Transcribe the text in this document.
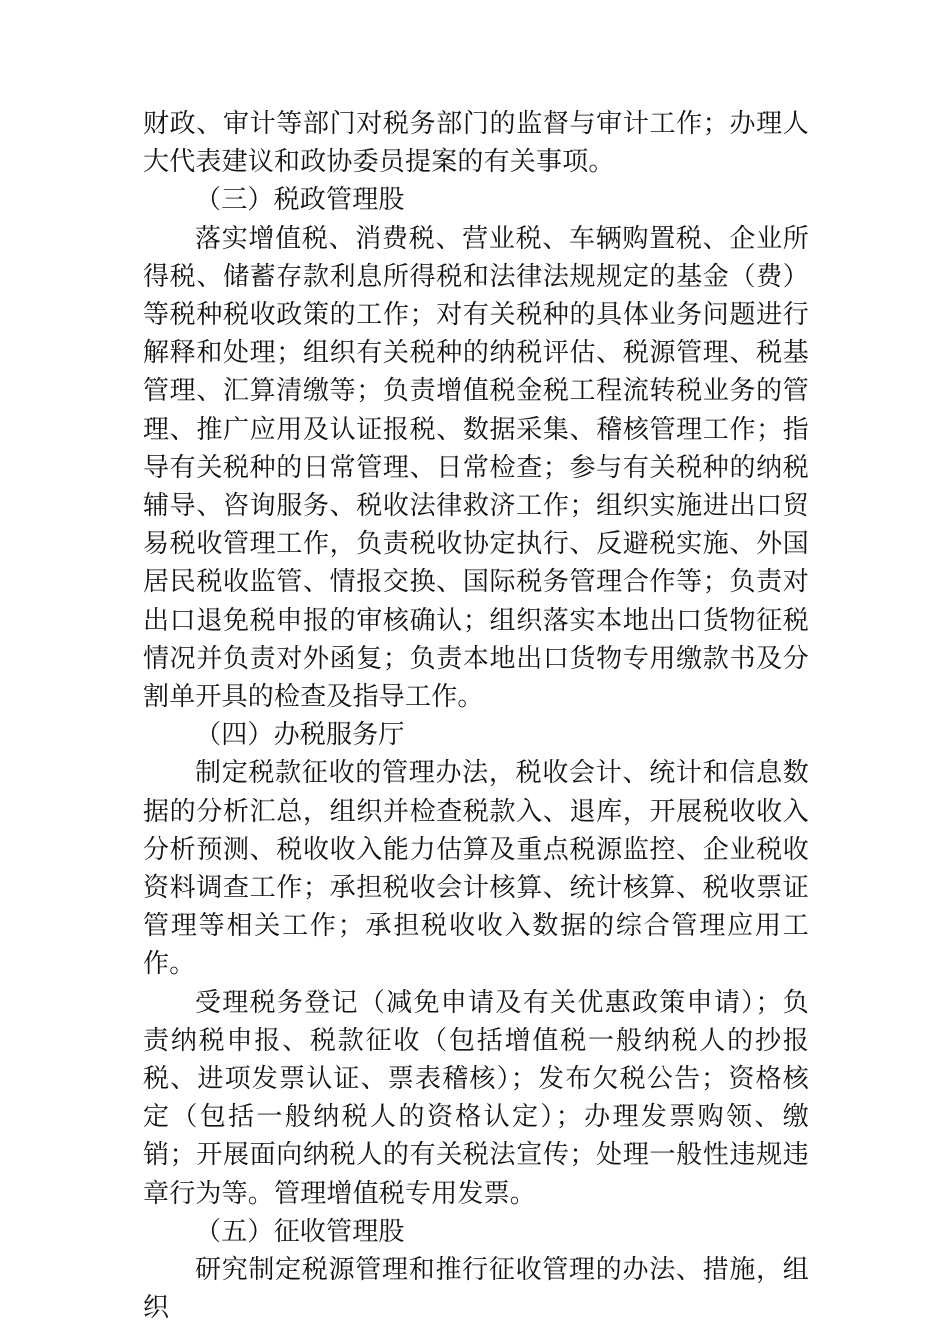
财政、审计等部门对税务部门的监督与审计工作；办理人大代表建议和政协委员提案的有关事项。

（三）税政管理股

落实增值税、消费税、营业税、车辆购置税、企业所得税、储蓄存款利息所得税和法律法规规定的基金（费）等税种税收政策的工作；对有关税种的具体业务问题进行解释和处理；组织有关税种的纳税评估、税源管理、税基管理、汇算清缴等；负责增值税金税工程流转税业务的管理、推广应用及认证报税、数据采集、稽核管理工作；指导有关税种的日常管理、日常检查；参与有关税种的纳税辅导、咨询服务、税收法律救济工作；组织实施进出口贸易税收管理工作，负责税收协定执行、反避税实施、外国居民税收监管、情报交换、国际税务管理合作等；负责对出口退免税申报的审核确认；组织落实本地出口货物征税情况并负责对外函复；负责本地出口货物专用缴款书及分割单开具的检查及指导工作。

（四）办税服务厅

制定税款征收的管理办法，税收会计、统计和信息数据的分析汇总，组织并检查税款入、退库，开展税收收入分析预测、税收收入能力估算及重点税源监控、企业税收资料调查工作；承担税收会计核算、统计核算、税收票证管理等相关工作；承担税收收入数据的综合管理应用工作。

受理税务登记（减免申请及有关优惠政策申请）；负责纳税申报、税款征收（包括增值税一般纳税人的抄报税、进项发票认证、票表稽核）；发布欠税公告；资格核定（包括一般纳税人的资格认定）；办理发票购领、缴销；开展面向纳税人的有关税法宣传；处理一般性违规违章行为等。管理增值税专用发票。

（五）征收管理股

研究制定税源管理和推行征收管理的办法、措施，组织
